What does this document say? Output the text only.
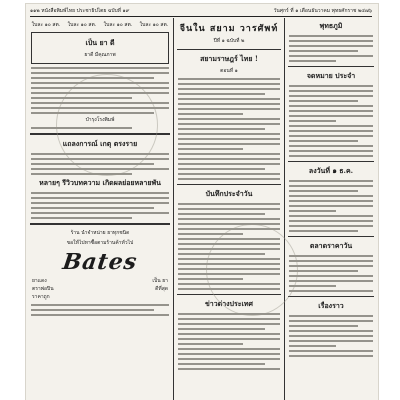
๑๑๒ หนังสือพิมพ์ไทย ประชาธิปไตย ฉบับที่ ๑๙	วันศุกร์ ที่ ๑ เดือนธันวาคม พุทธศักราช ๒๔๗๖
ใบละ ๑๐ สต. ใบละ ๑๐ สต. ใบละ ๑๐ สต. ใบละ ๑๐ สต.
เป็น ยา ดี
ยาดี มีคุณภาพ
บำรุงโรงพิมพ์
แถลงการณ์ เกตุ ตรงราย
หลายๆ รีวิวบทความ เกิดผลย่อยหลายพัน
ร้าน นำจำหน่าย ยาทุกชนิด
ขอให้ไปหาซื้อตามร้านค้าทั่วไป
Bates
ยาแดง
ตราพ่อปิน
ราคาถูก
เป็น ยา
ดีที่สุด
จีนใน สยาม วารศัพท์
ปีที่ ๑ ฉบับที่ ๒
สยามราษฎร์ ไทย !
ตอนที่ ๑
บันทึกประจำวัน
ข่าวต่างประเทศ
พุทธภูมิ
จดหมาย ประจำ
ลงวันที่ ๑ ธ.ค.
ตลาดราคาวัน
เรื่องราว
